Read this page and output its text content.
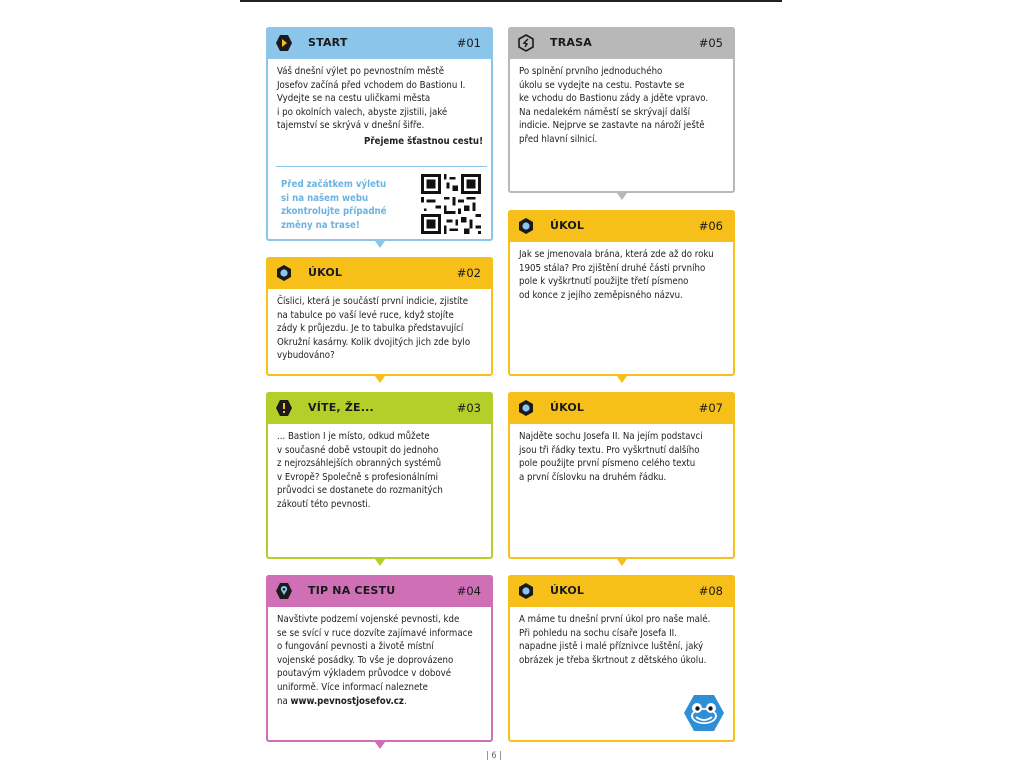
START	#01

Váš dnešní výlet po pevnostním městě

Josefov začíná před vchodem do Bastionu I.

Vydejte se na cestu uličkami města

i po okolních valech, abyste zjistili, jaké

tajemství se skrývá v dnešní šifře.

Přejeme šťastnou cestu!

Před začátkem výletu
si na našem webu
zkontrolujte případné
změny na trase!
ÚKOL	#02

Číslici, která je součástí první indicie, zjistíte

na tabulce po vaší levé ruce, když stojíte

zády k průjezdu. Je to tabulka představující

Okružní kasárny. Kolik dvojitých jich zde bylo

vybudováno?

VÍTE, ŽE...	#03

... Bastion I je místo, odkud můžete

v současné době vstoupit do jednoho

z nejrozsáhlejších obranných systémů

v Evropě? Společně s profesionálními

průvodci se dostanete do rozmanitých

zákoutí této pevnosti.

TIP NA CESTU	#04

Navštivte podzemí vojenské pevnosti, kde

se se svící v ruce dozvíte zajímavé informace

o fungování pevnosti a životě místní

vojenské posádky. To vše je doprovázeno

poutavým výkladem průvodce v dobové

uniformě. Více informací naleznete

na www.pevnostjosefov.cz.

TRASA	#05

Po splnění prvního jednoduchého

úkolu se vydejte na cestu. Postavte se

ke vchodu do Bastionu zády a jděte vpravo.

Na nedalekém náměstí se skrývají další

indicie. Nejprve se zastavte na nároží ještě

před hlavní silnicí.

ÚKOL	#06

Jak se jmenovala brána, která zde až do roku

1905 stála? Pro zjištění druhé části prvního

pole k vyškrtnutí použijte třetí písmeno

od konce z jejího zeměpisného názvu.

ÚKOL	#07

Najděte sochu Josefa II. Na jejím podstavci

jsou tři řádky textu. Pro vyškrtnutí dalšího

pole použijte první písmeno celého textu

a první číslovku na druhém řádku.

ÚKOL	#08

A máme tu dnešní první úkol pro naše malé.

Při pohledu na sochu císaře Josefa II.

napadne jistě i malé příznivce luštění, jaký

obrázek je třeba škrtnout z dětského úkolu.

| 6 |
